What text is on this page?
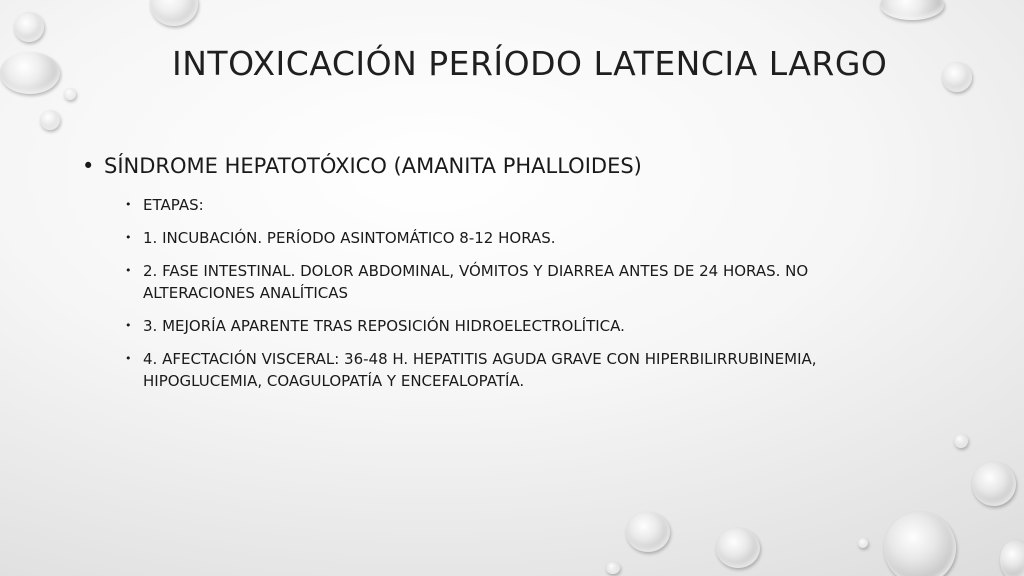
INTOXICACIÓN PERÍODO LATENCIA LARGO
• SÍNDROME HEPATOTÓXICO (AMANITA PHALLOIDES)
• ETAPAS:
• 1. INCUBACIÓN. PERÍODO ASINTOMÁTICO 8-12 HORAS.
• 2. FASE INTESTINAL. DOLOR ABDOMINAL, VÓMITOS Y DIARREA ANTES DE 24 HORAS. NO ALTERACIONES ANALÍTICAS
• 3. MEJORÍA APARENTE TRAS REPOSICIÓN HIDROELECTROLÍTICA.
• 4. AFECTACIÓN VISCERAL: 36-48 H. HEPATITIS AGUDA GRAVE CON HIPERBILIRRUBINEMIA, HIPOGLUCEMIA, COAGULOPATÍA Y ENCEFALOPATÍA.
